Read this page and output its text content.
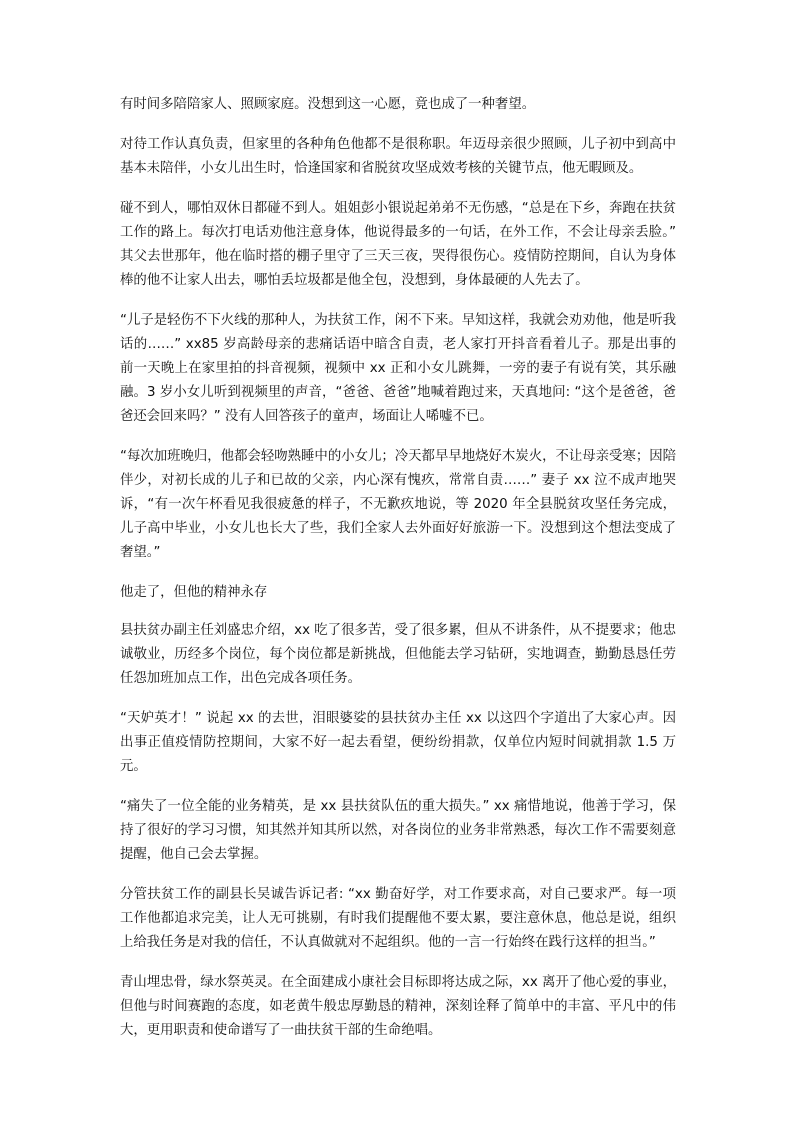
有时间多陪陪家人、照顾家庭。没想到这一心愿，竟也成了一种奢望。

对待工作认真负责，但家里的各种角色他都不是很称职。年迈母亲很少照顾，儿子初中到高中基本未陪伴，小女儿出生时，恰逢国家和省脱贫攻坚成效考核的关键节点，他无暇顾及。

碰不到人，哪怕双休日都碰不到人。姐姐彭小银说起弟弟不无伤感，“总是在下乡，奔跑在扶贫工作的路上。每次打电话劝他注意身体，他说得最多的一句话，在外工作，不会让母亲丢脸。” 其父去世那年，他在临时搭的棚子里守了三天三夜，哭得很伤心。疫情防控期间，自认为身体棒的他不让家人出去，哪怕丢垃圾都是他全包，没想到，身体最硬的人先去了。

“儿子是轻伤不下火线的那种人，为扶贫工作，闲不下来。早知这样，我就会劝劝他，他是听我话的……” xx85 岁高龄母亲的悲痛话语中暗含自责，老人家打开抖音看着儿子。那是出事的前一天晚上在家里拍的抖音视频，视频中 xx 正和小女儿跳舞，一旁的妻子有说有笑，其乐融融。3 岁小女儿听到视频里的声音，“爸爸、爸爸”地喊着跑过来，天真地问: “这个是爸爸，爸爸还会回来吗？” 没有人回答孩子的童声，场面让人唏嘘不已。

“每次加班晚归，他都会轻吻熟睡中的小女儿；冷天都早早地烧好木炭火，不让母亲受寒；因陪伴少，对初长成的儿子和已故的父亲，内心深有愧疚，常常自责……” 妻子 xx 泣不成声地哭诉，“有一次午杯看见我很疲惫的样子，不无歉疚地说，等 2020 年全县脱贫攻坚任务完成，儿子高中毕业，小女儿也长大了些，我们全家人去外面好好旅游一下。没想到这个想法变成了奢望。”

他走了，但他的精神永存

县扶贫办副主任刘盛忠介绍，xx 吃了很多苦，受了很多累，但从不讲条件，从不提要求；他忠诚敬业，历经多个岗位，每个岗位都是新挑战，但他能去学习钻研，实地调查，勤勤恳恳任劳任怨加班加点工作，出色完成各项任务。

“天妒英才！” 说起 xx 的去世，泪眼婆娑的县扶贫办主任 xx 以这四个字道出了大家心声。因出事正值疫情防控期间，大家不好一起去看望，便纷纷捐款，仅单位内短时间就捐款 1.5 万元。

“痛失了一位全能的业务精英，是 xx 县扶贫队伍的重大损失。” xx 痛惜地说，他善于学习，保持了很好的学习习惯，知其然并知其所以然，对各岗位的业务非常熟悉，每次工作不需要刻意提醒，他自己会去掌握。

分管扶贫工作的副县长吴诚告诉记者: “xx 勤奋好学，对工作要求高，对自己要求严。每一项工作他都追求完美，让人无可挑剔，有时我们提醒他不要太累，要注意休息，他总是说，组织上给我任务是对我的信任，不认真做就对不起组织。他的一言一行始终在践行这样的担当。”

青山埋忠骨，绿水祭英灵。在全面建成小康社会目标即将达成之际，xx 离开了他心爱的事业，但他与时间赛跑的态度，如老黄牛般忠厚勤恳的精神，深刻诠释了简单中的丰富、平凡中的伟大，更用职责和使命谱写了一曲扶贫干部的生命绝唱。
